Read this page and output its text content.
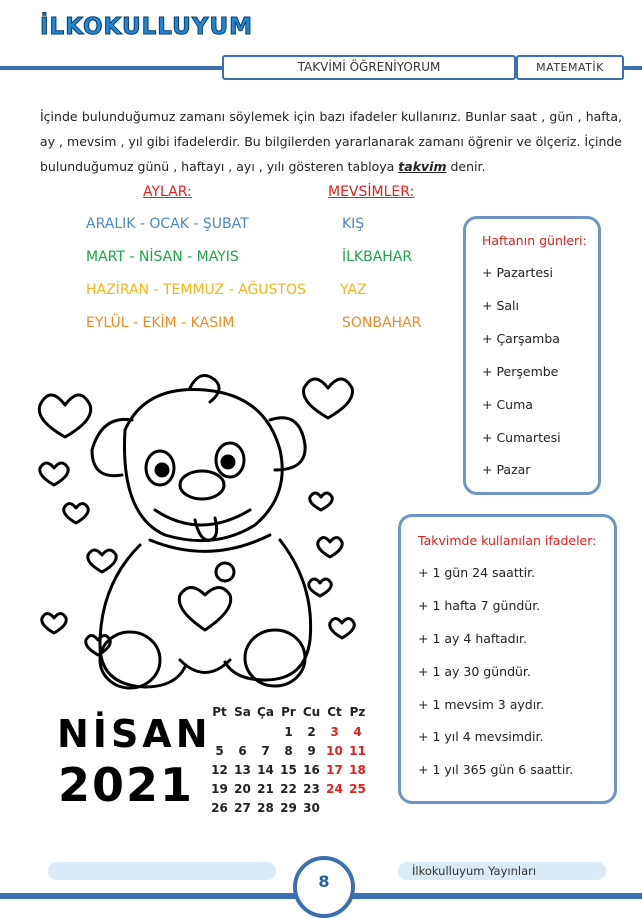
İLKOKULLUYUM
TAKVİMİ ÖĞRENİYORUM	MATEMATİK
İçinde bulunduğumuz zamanı söylemek için bazı ifadeler kullanırız. Bunlar saat , gün , hafta, ay , mevsim , yıl gibi ifadelerdir. Bu bilgilerden yararlanarak zamanı öğrenir ve ölçeriz. İçinde bulunduğumuz günü , haftayı , ayı , yılı gösteren tabloya takvim denir.
AYLAR:	MEVSİMLER:
ARALIK - OCAK - ŞUBAT	KIŞ
MART - NİSAN - MAYIS	İLKBAHAR
HAZİRAN - TEMMUZ - AĞUSTOS YAZ
EYLÜL - EKİM - KASIM	SONBAHAR
Haftanın günleri:
+ Pazartesi
+ Salı
+ Çarşamba
+ Perşembe
+ Cuma
+ Cumartesi
+ Pazar
Takvimde kullanılan ifadeler:
+ 1 gün 24 saattir.
+ 1 hafta 7 gündür.
+ 1 ay 4 haftadır.
+ 1 ay 30 gündür.
+ 1 mevsim 3 aydır.
+ 1 yıl 4 mevsimdir.
+ 1 yıl 365 gün 6 saattir.
NİSAN
2021
Pt	Sa	Ça	Pr	Cu	Ct	Pz
			1	2	3	4
5	6	7	8	9	10	11
12	13	14	15	16	17	18
19	20	21	22	23	24	25
26	27	28	29	30		
8
İlkokulluyum Yayınları
